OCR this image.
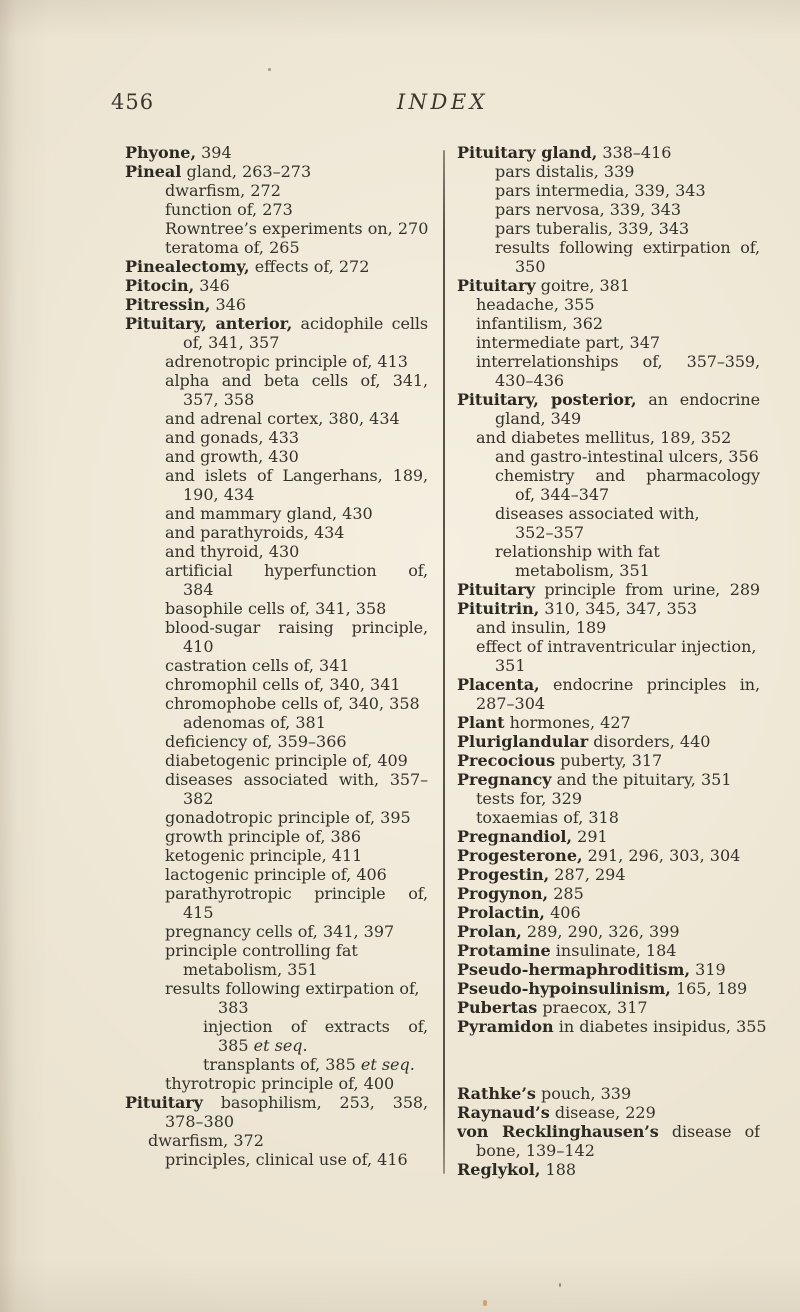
456	INDEX
Phyone, 394
Pineal gland, 263–273
dwarfism, 272
function of, 273
Rowntree’s experiments on, 270
teratoma of, 265
Pinealectomy, effects of, 272
Pitocin, 346
Pitressin, 346
Pituitary, anterior, acidophile cells
of, 341, 357
adrenotropic principle of, 413
alpha and beta cells of, 341,
357, 358
and adrenal cortex, 380, 434
and gonads, 433
and growth, 430
and islets of Langerhans, 189,
190, 434
and mammary gland, 430
and parathyroids, 434
and thyroid, 430
artificial hyperfunction of,
384
basophile cells of, 341, 358
blood-sugar raising principle,
410
castration cells of, 341
chromophil cells of, 340, 341
chromophobe cells of, 340, 358
adenomas of, 381
deficiency of, 359–366
diabetogenic principle of, 409
diseases associated with, 357–
382
gonadotropic principle of, 395
growth principle of, 386
ketogenic principle, 411
lactogenic principle of, 406
parathyrotropic principle of,
415
pregnancy cells of, 341, 397
principle controlling fat
metabolism, 351
results following extirpation of,
383
injection of extracts of,
385 et seq.
transplants of, 385 et seq.
thyrotropic principle of, 400
Pituitary basophilism, 253, 358,
378–380
dwarfism, 372
principles, clinical use of, 416
Pituitary gland, 338–416
pars distalis, 339
pars intermedia, 339, 343
pars nervosa, 339, 343
pars tuberalis, 339, 343
results following extirpation of,
350
Pituitary goitre, 381
headache, 355
infantilism, 362
intermediate part, 347
interrelationships of, 357–359,
430–436
Pituitary, posterior, an endocrine
gland, 349
and diabetes mellitus, 189, 352
and gastro-intestinal ulcers, 356
chemistry and pharmacology
of, 344–347
diseases associated with,
352–357
relationship with fat
metabolism, 351
Pituitary principle from urine, 289
Pituitrin, 310, 345, 347, 353
and insulin, 189
effect of intraventricular injection,
351
Placenta, endocrine principles in,
287–304
Plant hormones, 427
Pluriglandular disorders, 440
Precocious puberty, 317
Pregnancy and the pituitary, 351
tests for, 329
toxaemias of, 318
Pregnandiol, 291
Progesterone, 291, 296, 303, 304
Progestin, 287, 294
Progynon, 285
Prolactin, 406
Prolan, 289, 290, 326, 399
Protamine insulinate, 184
Pseudo-hermaphroditism, 319
Pseudo-hypoinsulinism, 165, 189
Pubertas praecox, 317
Pyramidon in diabetes insipidus, 355
Rathke’s pouch, 339
Raynaud’s disease, 229
von Recklinghausen’s disease of
bone, 139–142
Reglykol, 188
